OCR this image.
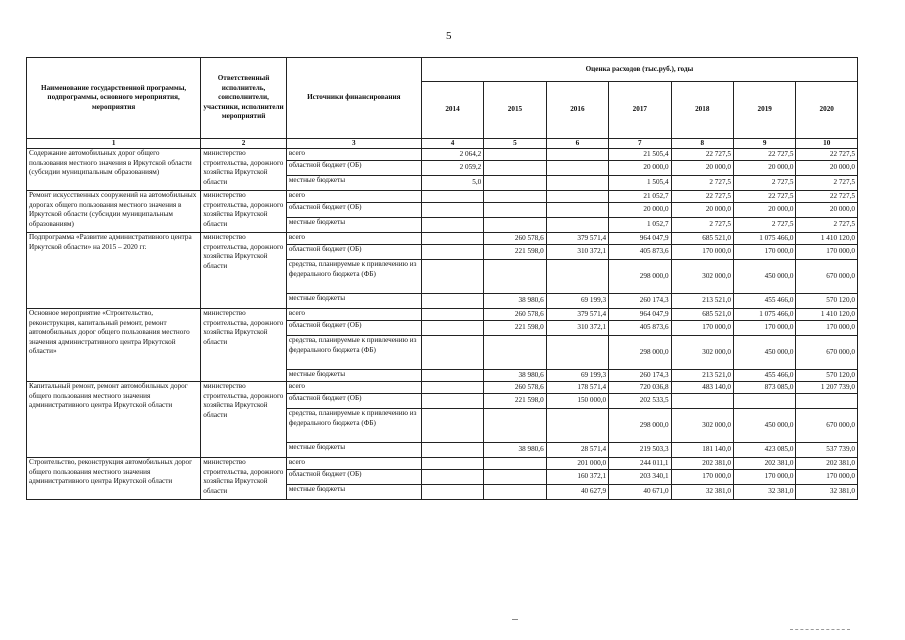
5
Наименование государственной программы, подпрограммы, основного мероприятия, мероприятия	Ответственный исполнитель, соисполнители, участники, исполнители мероприятий	Источники финансирования	Оценка расходов (тыс.руб.), годы						
			2014	2015	2016	2017	2018	2019	2020
1	2	3	4	5	6	7	8	9	10
Содержание автомобильных дорог общего пользования местного значения в Иркутской области (субсидии муниципальным образованиям)	министерство строительства, дорожного хозяйства Иркутской области	всего	2 064,2			21 505,4	22 727,5	22 727,5	22 727,5
		областной бюджет (ОБ)	2 059,2			20 000,0	20 000,0	20 000,0	20 000,0
		местные бюджеты	5,0			1 505,4	2 727,5	2 727,5	2 727,5
Ремонт искусственных сооружений на автомобильных дорогах общего пользования местного значения в Иркутской области (субсидии муниципальным образованиям)	министерство строительства, дорожного хозяйства Иркутской области	всего				21 052,7	22 727,5	22 727,5	22 727,5
		областной бюджет (ОБ)				20 000,0	20 000,0	20 000,0	20 000,0
		местные бюджеты				1 052,7	2 727,5	2 727,5	2 727,5
Подпрограмма «Развитие административного центра Иркутской области» на 2015 – 2020 гг.	министерство строительства, дорожного хозяйства Иркутской области	всего		260 578,6	379 571,4	964 047,9	685 521,0	1 075 466,0	1 410 120,0
		областной бюджет (ОБ)		221 598,0	310 372,1	405 873,6	170 000,0	170 000,0	170 000,0
		средства, планируемые к привлечению из федерального бюджета (ФБ)				298 000,0	302 000,0	450 000,0	670 000,0
		местные бюджеты		38 980,6	69 199,3	260 174,3	213 521,0	455 466,0	570 120,0
Основное мероприятие «Строительство, реконструкция, капитальный ремонт, ремонт автомобильных дорог общего пользования местного значения административного центра Иркутской области»	министерство строительства, дорожного хозяйства Иркутской области	всего		260 578,6	379 571,4	964 047,9	685 521,0	1 075 466,0	1 410 120,0
		областной бюджет (ОБ)		221 598,0	310 372,1	405 873,6	170 000,0	170 000,0	170 000,0
		средства, планируемые к привлечению из федерального бюджета (ФБ)				298 000,0	302 000,0	450 000,0	670 000,0
		местные бюджеты		38 980,6	69 199,3	260 174,3	213 521,0	455 466,0	570 120,0
Капитальный ремонт, ремонт автомобильных дорог общего пользования местного значения административного центра Иркутской области	министерство строительства, дорожного хозяйства Иркутской области	всего		260 578,6	178 571,4	720 036,8	483 140,0	873 085,0	1 207 739,0
		областной бюджет (ОБ)		221 598,0	150 000,0	202 533,5			
		средства, планируемые к привлечению из федерального бюджета (ФБ)				298 000,0	302 000,0	450 000,0	670 000,0
		местные бюджеты		38 980,6	28 571,4	219 503,3	181 140,0	423 085,0	537 739,0
Строительство, реконструкция автомобильных дорог общего пользования местного значения административного центра Иркутской области	министерство строительства, дорожного хозяйства Иркутской области	всего			201 000,0	244 011,1	202 381,0	202 381,0	202 381,0
		областной бюджет (ОБ)			160 372,1	203 340,1	170 000,0	170 000,0	170 000,0
		местные бюджеты			40 627,9	40 671,0	32 381,0	32 381,0	32 381,0
